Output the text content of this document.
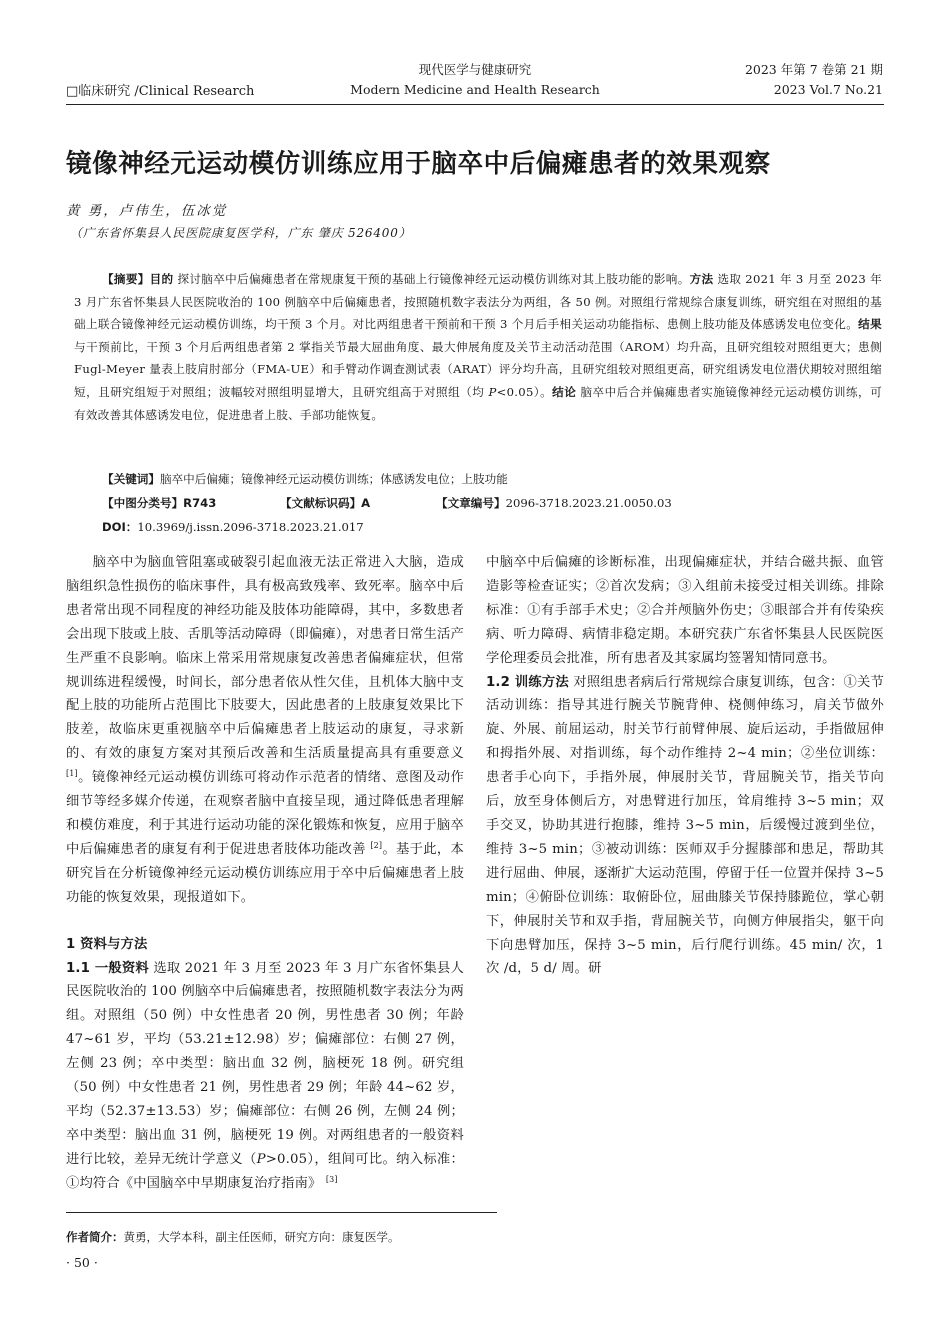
□临床研究 /Clinical Research
现代医学与健康研究
Modern Medicine and Health Research
2023 年第 7 卷第 21 期
2023 Vol.7 No.21
镜像神经元运动模仿训练应用于脑卒中后偏瘫患者的效果观察
黄 勇，卢伟生，伍冰觉
（广东省怀集县人民医院康复医学科，广东 肇庆 526400）
【摘要】目的 探讨脑卒中后偏瘫患者在常规康复干预的基础上行镜像神经元运动模仿训练对其上肢功能的影响。方法 选取 2021 年 3 月至 2023 年 3 月广东省怀集县人民医院收治的 100 例脑卒中后偏瘫患者，按照随机数字表法分为两组，各 50 例。对照组行常规综合康复训练，研究组在对照组的基础上联合镜像神经元运动模仿训练，均干预 3 个月。对比两组患者干预前和干预 3 个月后手相关运动功能指标、患侧上肢功能及体感诱发电位变化。结果 与干预前比，干预 3 个月后两组患者第 2 掌指关节最大屈曲角度、最大伸展角度及关节主动活动范围（AROM）均升高，且研究组较对照组更大；患侧 Fugl-Meyer 量表上肢肩肘部分（FMA-UE）和手臂动作调查测试表（ARAT）评分均升高，且研究组较对照组更高，研究组诱发电位潜伏期较对照组缩短，且研究组短于对照组；波幅较对照组明显增大，且研究组高于对照组（均 P<0.05）。结论 脑卒中后合并偏瘫患者实施镜像神经元运动模仿训练，可有效改善其体感诱发电位，促进患者上肢、手部功能恢复。
【关键词】脑卒中后偏瘫；镜像神经元运动模仿训练；体感诱发电位；上肢功能
【中图分类号】R743	【文献标识码】A	【文章编号】2096-3718.2023.21.0050.03
DOI：10.3969/j.issn.2096-3718.2023.21.017

脑卒中为脑血管阻塞或破裂引起血液无法正常进入大脑，造成脑组织急性损伤的临床事件，具有极高致残率、致死率。脑卒中后患者常出现不同程度的神经功能及肢体功能障碍，其中，多数患者会出现下肢或上肢、舌肌等活动障碍（即偏瘫），对患者日常生活产生严重不良影响。临床上常采用常规康复改善患者偏瘫症状，但常规训练进程缓慢，时间长，部分患者依从性欠佳，且机体大脑中支配上肢的功能所占范围比下肢要大，因此患者的上肢康复效果比下肢差，故临床更重视脑卒中后偏瘫患者上肢运动的康复，寻求新的、有效的康复方案对其预后改善和生活质量提高具有重要意义 [1]。镜像神经元运动模仿训练可将动作示范者的情绪、意图及动作细节等经多媒介传递，在观察者脑中直接呈现，通过降低患者理解和模仿难度，利于其进行运动功能的深化锻炼和恢复，应用于脑卒中后偏瘫患者的康复有利于促进患者肢体功能改善 [2]。基于此，本研究旨在分析镜像神经元运动模仿训练应用于卒中后偏瘫患者上肢功能的恢复效果，现报道如下。

1 资料与方法

1.1 一般资料 选取 2021 年 3 月至 2023 年 3 月广东省怀集县人民医院收治的 100 例脑卒中后偏瘫患者，按照随机数字表法分为两组。对照组（50 例）中女性患者 20 例，男性患者 30 例；年龄 47~61 岁，平均（53.21±12.98）岁；偏瘫部位：右侧 27 例，左侧 23 例；卒中类型：脑出血 32 例，脑梗死 18 例。研究组（50 例）中女性患者 21 例，男性患者 29 例；年龄 44~62 岁，平均（52.37±13.53）岁；偏瘫部位：右侧 26 例，左侧 24 例；卒中类型：脑出血 31 例，脑梗死 19 例。对两组患者的一般资料进行比较，差异无统计学意义（P>0.05），组间可比。纳入标准：①均符合《中国脑卒中早期康复治疗指南》 [3]

中脑卒中后偏瘫的诊断标准，出现偏瘫症状，并结合磁共振、血管造影等检查证实；②首次发病；③入组前未接受过相关训练。排除标准：①有手部手术史；②合并颅脑外伤史；③眼部合并有传染疾病、听力障碍、病情非稳定期。本研究获广东省怀集县人民医院医学伦理委员会批准，所有患者及其家属均签署知情同意书。

1.2 训练方法 对照组患者病后行常规综合康复训练，包含：①关节活动训练：指导其进行腕关节腕背伸、桡侧伸练习，肩关节做外旋、外展、前屈运动，肘关节行前臂伸展、旋后运动，手指做屈伸和拇指外展、对指训练，每个动作维持 2~4 min；②坐位训练：患者手心向下，手指外展，伸展肘关节，背屈腕关节，指关节向后，放至身体侧后方，对患臂进行加压，耸肩维持 3~5 min；双手交叉，协助其进行抱膝，维持 3~5 min，后缓慢过渡到坐位，维持 3~5 min；③被动训练：医师双手分握膝部和患足，帮助其进行屈曲、伸展，逐渐扩大运动范围，停留于任一位置并保持 3~5 min；④俯卧位训练：取俯卧位，屈曲膝关节保持膝跪位，掌心朝下，伸展肘关节和双手指，背屈腕关节，向侧方伸展指尖，躯干向下向患臂加压，保持 3~5 min，后行爬行训练。45 min/ 次，1 次 /d，5 d/ 周。研

作者简介：黄勇，大学本科，副主任医师，研究方向：康复医学。
· 50 ·
